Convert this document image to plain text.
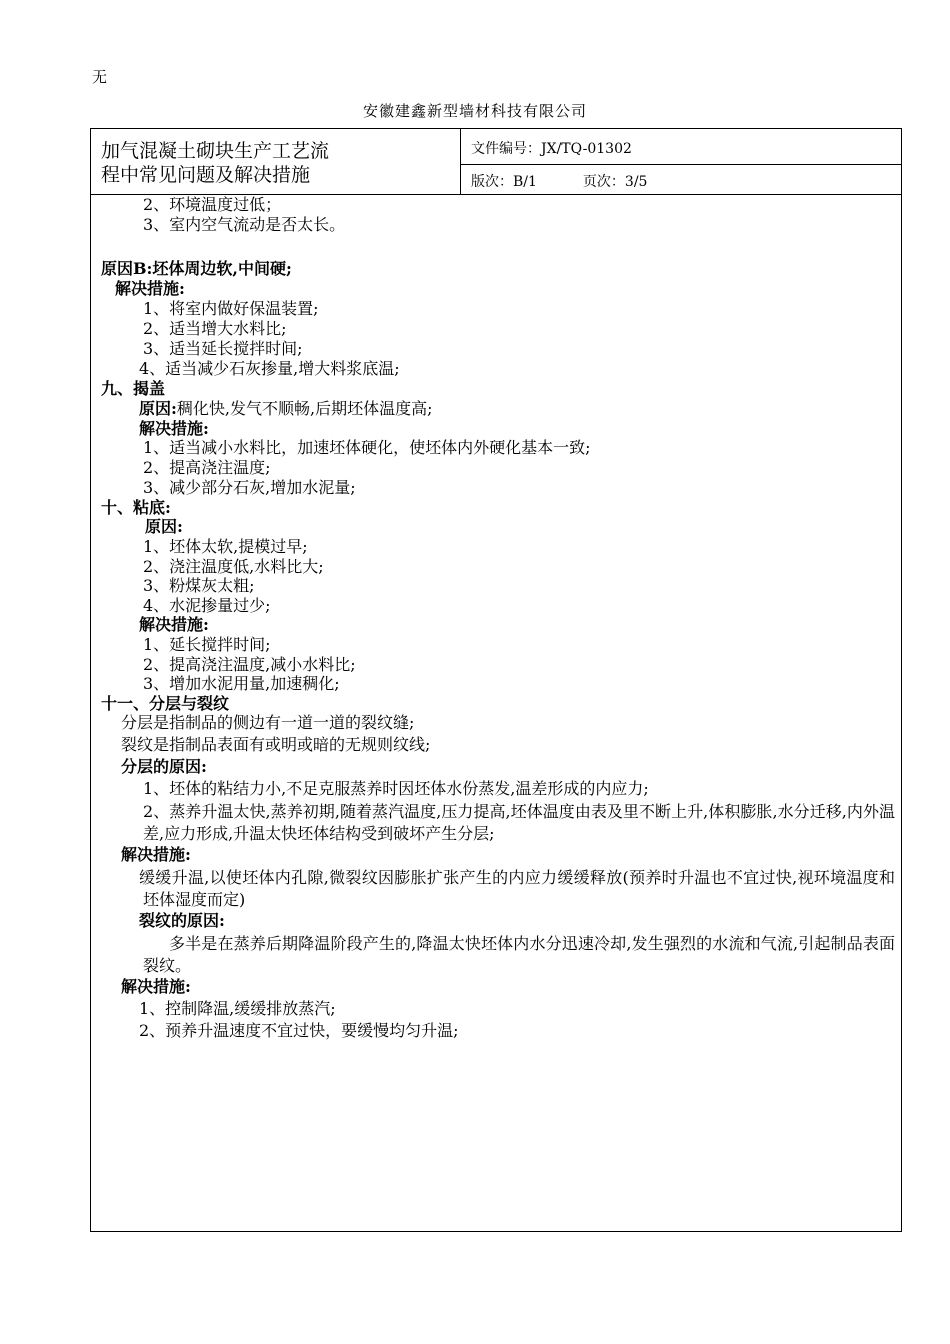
无
安徽建鑫新型墙材科技有限公司
加气混凝土砌块生产工艺流
程中常见问题及解决措施
文件编号：JX/TQ-01302
版次：B/1	页次：3/5
2、环境温度过低；
3、室内空气流动是否太长。
原因B:坯体周边软,中间硬;
解决措施:
1、将室内做好保温装置;
2、适当增大水料比;
3、适当延长搅拌时间;
4、适当减少石灰掺量,增大料浆底温;
九、揭盖
原因:稠化快,发气不顺畅,后期坯体温度高;
解决措施:
1、适当减小水料比，加速坯体硬化，使坯体内外硬化基本一致;
2、提高浇注温度;
3、减少部分石灰,增加水泥量;
十、粘底:
原因:
1、坯体太软,提模过早;
2、浇注温度低,水料比大;
3、粉煤灰太粗;
4、水泥掺量过少;
解决措施:
1、延长搅拌时间;
2、提高浇注温度,减小水料比;
3、增加水泥用量,加速稠化;
十一、分层与裂纹
分层是指制品的侧边有一道一道的裂纹缝;
裂纹是指制品表面有或明或暗的无规则纹线;
分层的原因:
1、坯体的粘结力小,不足克服蒸养时因坯体水份蒸发,温差形成的内应力;
2、蒸养升温太快,蒸养初期,随着蒸汽温度,压力提高,坯体温度由表及里不断上升,体积膨胀,水分迁移,内外温差,应力形成,升温太快坯体结构受到破坏产生分层;
解决措施:
缓缓升温,以使坯体内孔隙,微裂纹因膨胀扩张产生的内应力缓缓释放(预养时升温也不宜过快,视环境温度和坯体湿度而定)
裂纹的原因:
多半是在蒸养后期降温阶段产生的,降温太快坯体内水分迅速冷却,发生强烈的水流和气流,引起制品表面裂纹。
解决措施:
1、控制降温,缓缓排放蒸汽;
2、预养升温速度不宜过快，要缓慢均匀升温;
